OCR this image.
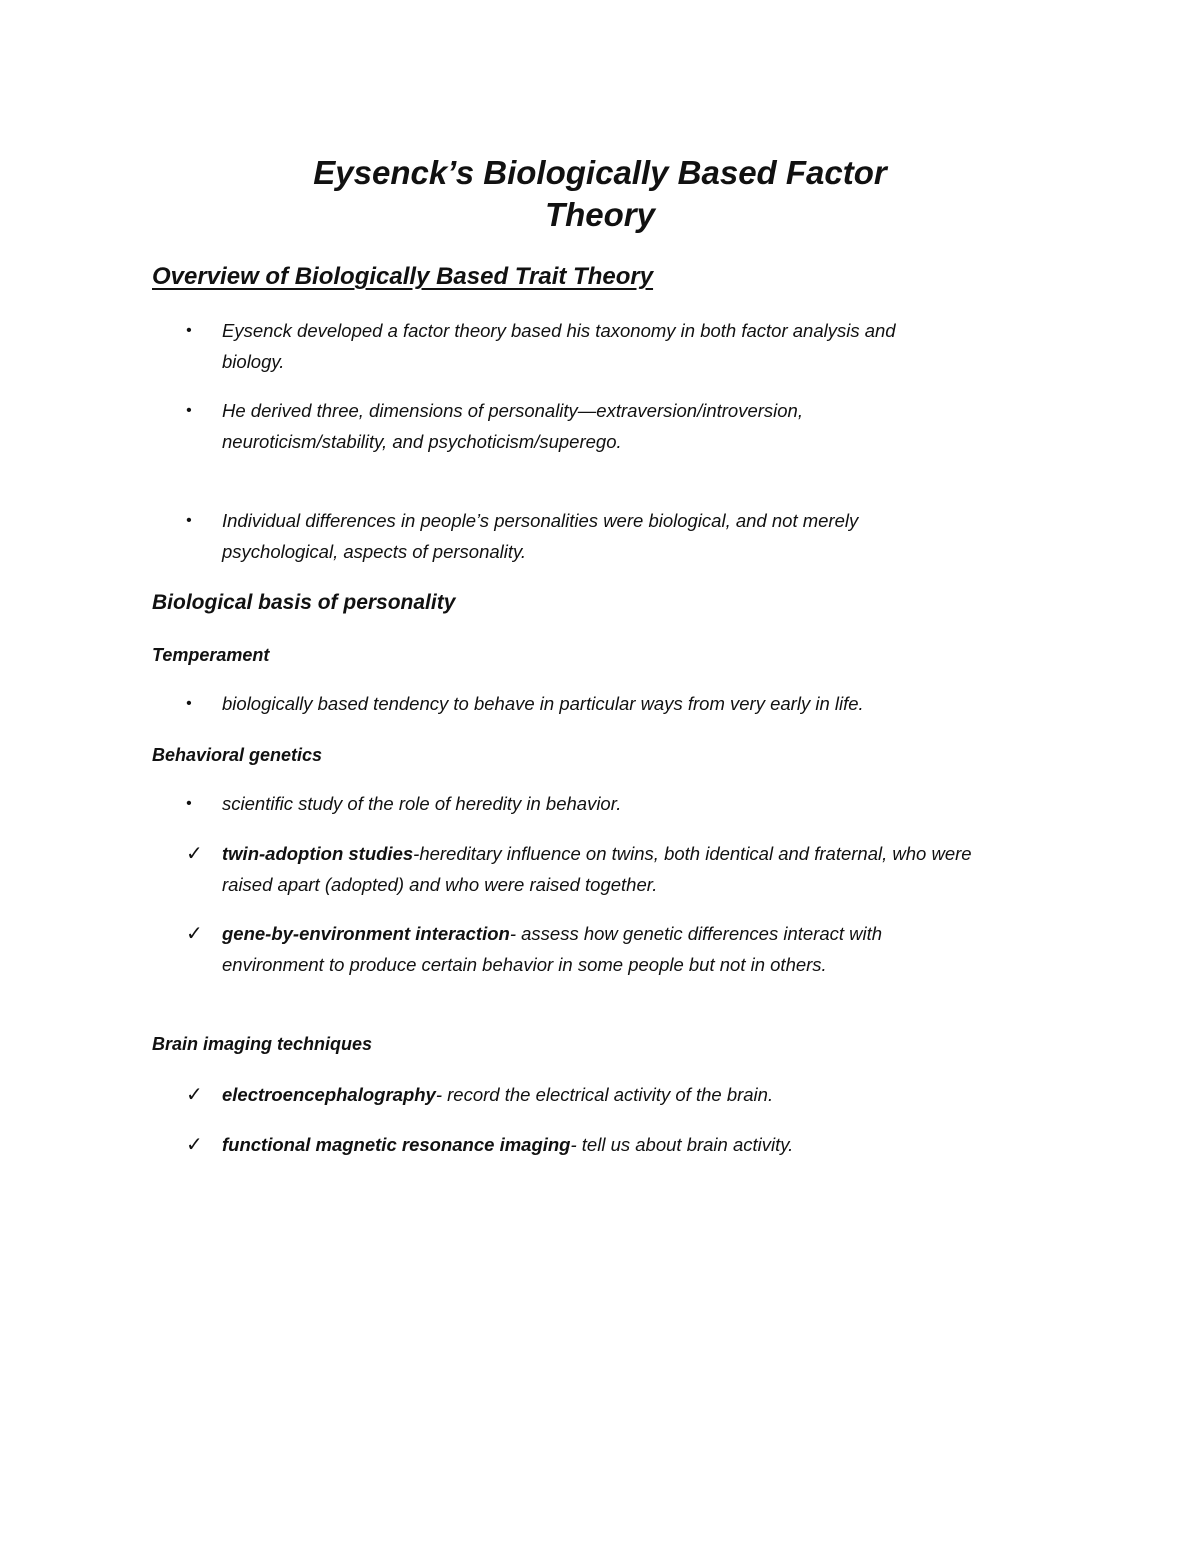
Eysenck’s Biologically Based Factor
Theory
Overview of Biologically Based Trait Theory
• Eysenck developed a factor theory based his taxonomy in both factor analysis and biology.
• He derived three, dimensions of personality—extraversion/introversion, neuroticism/stability, and psychoticism/superego.
• Individual differences in people’s personalities were biological, and not merely psychological, aspects of personality.
Biological basis of personality
Temperament
• biologically based tendency to behave in particular ways from very early in life.
Behavioral genetics
• scientific study of the role of heredity in behavior.
✓ twin-adoption studies-hereditary influence on twins, both identical and fraternal, who were raised apart (adopted) and who were raised together.
✓ gene-by-environment interaction- assess how genetic differences interact with environment to produce certain behavior in some people but not in others.
Brain imaging techniques
✓ electroencephalography- record the electrical activity of the brain.
✓ functional magnetic resonance imaging- tell us about brain activity.
